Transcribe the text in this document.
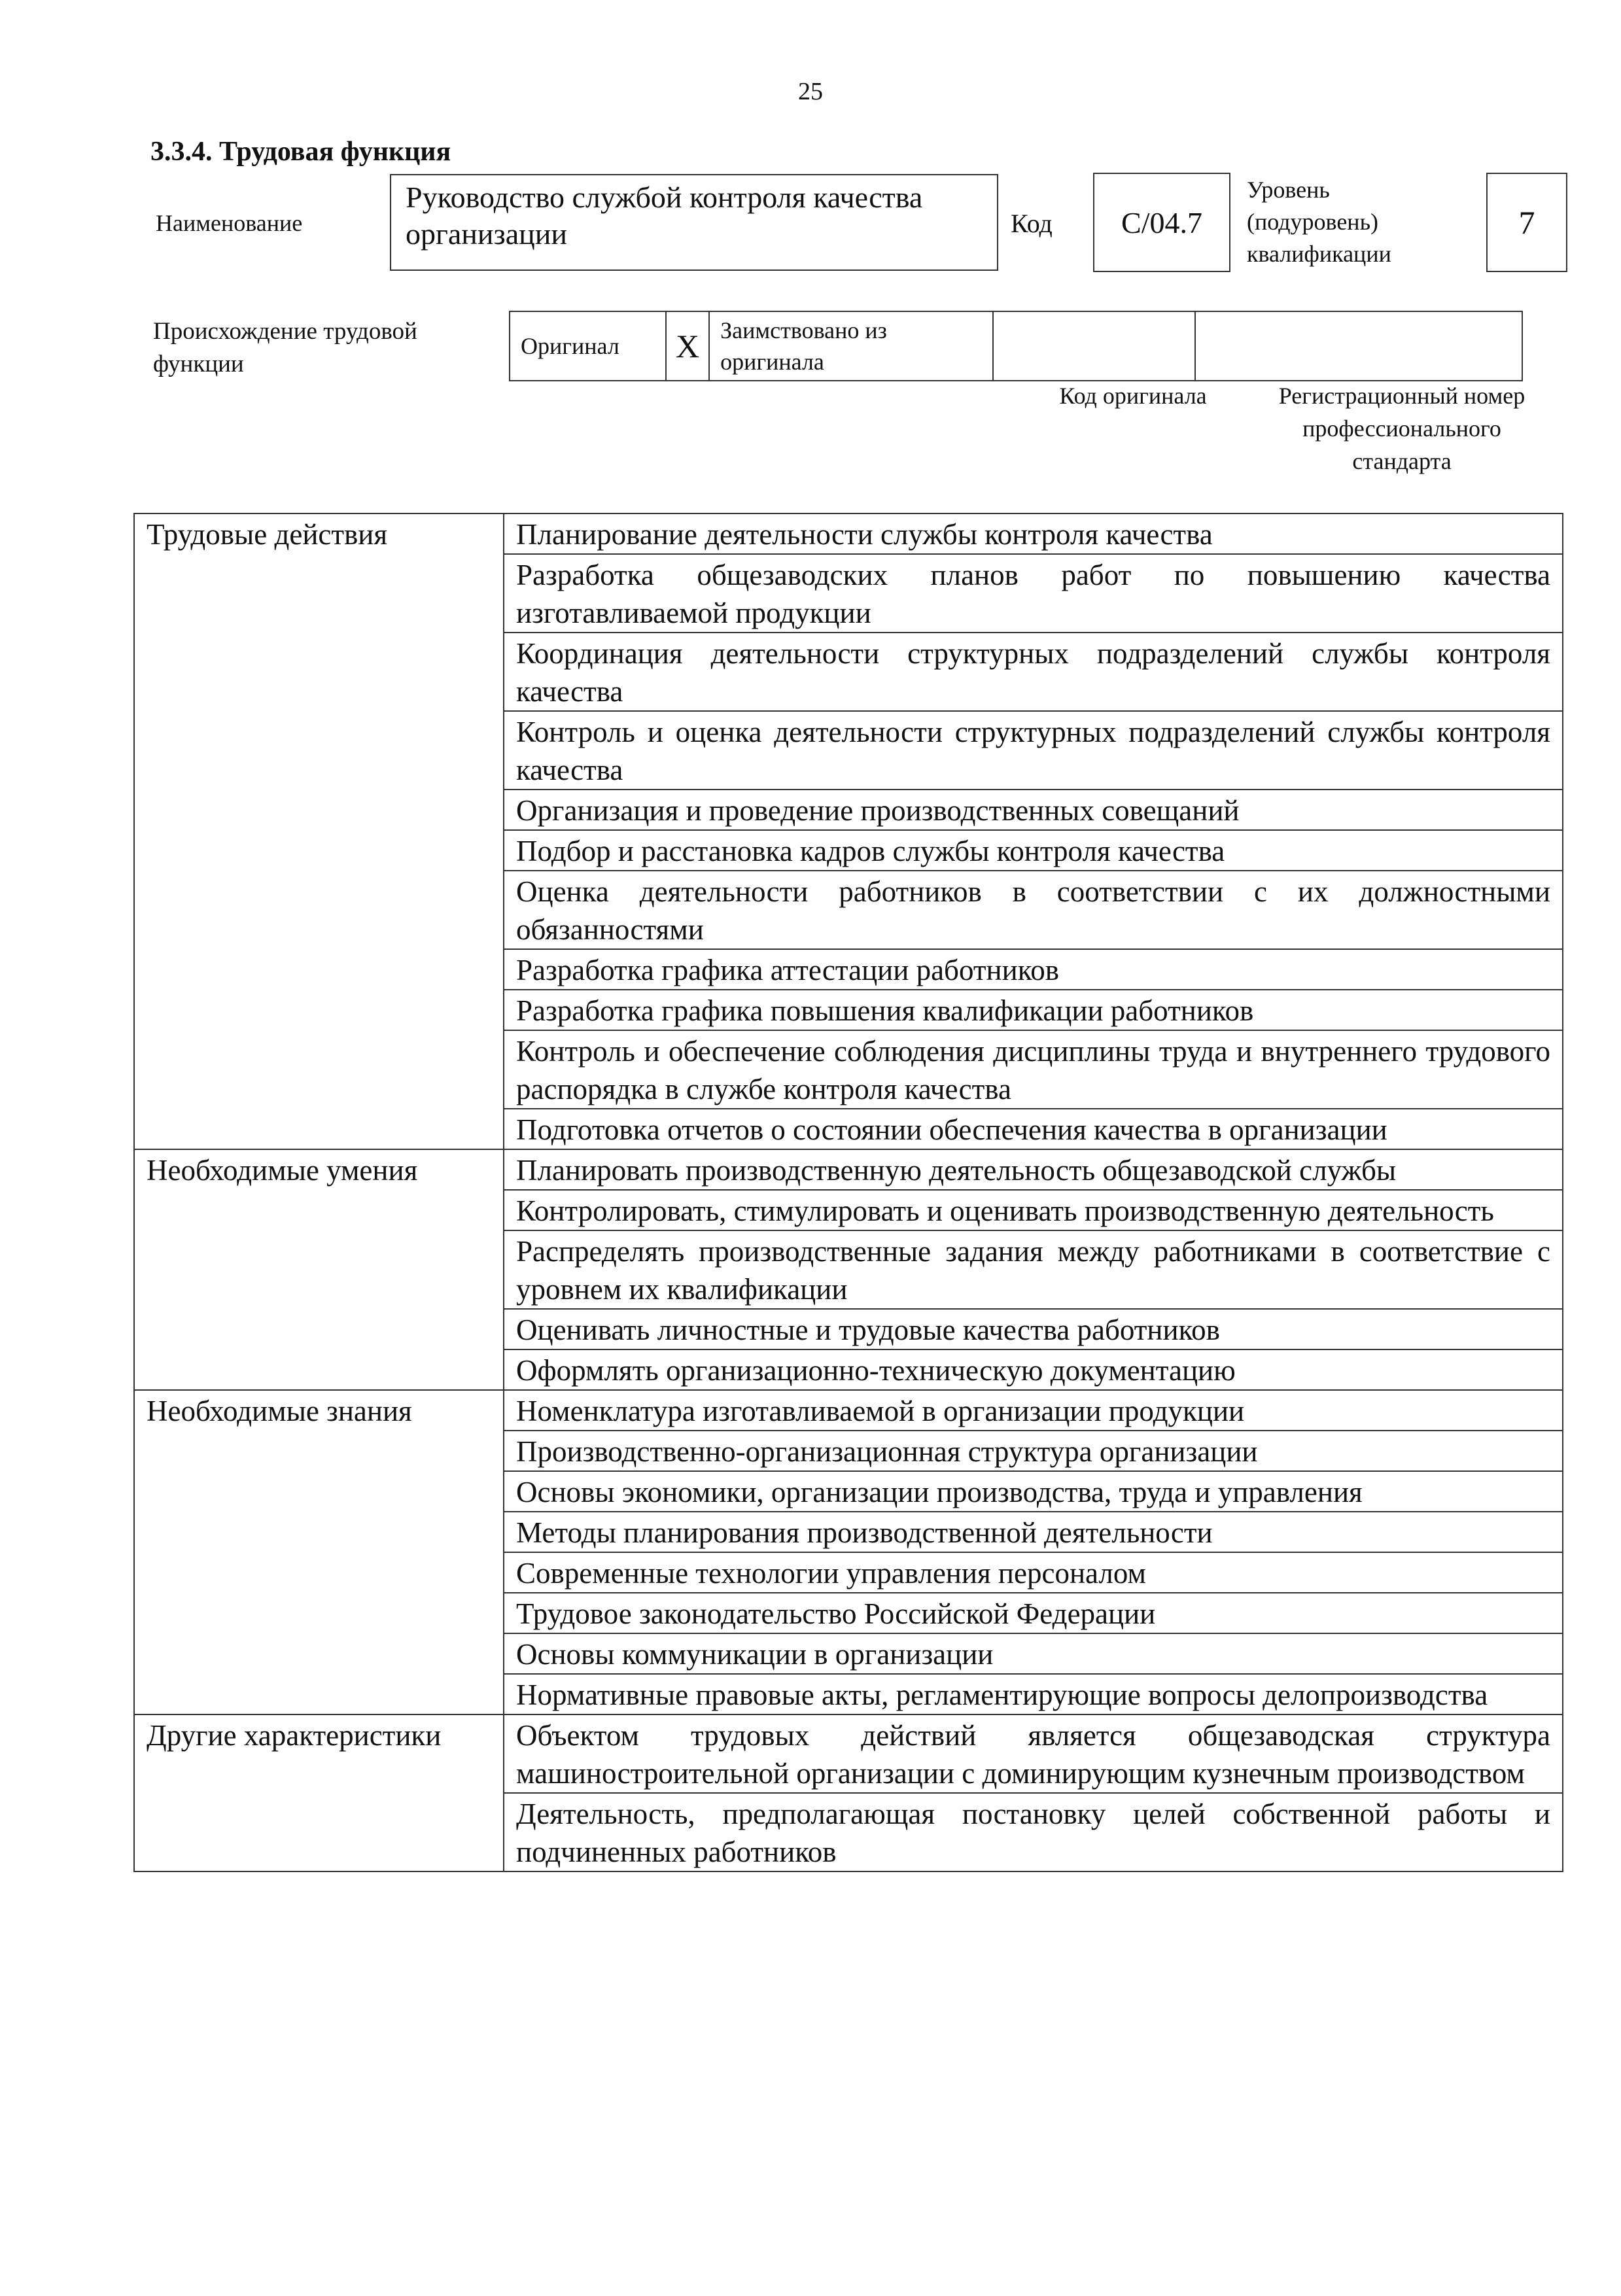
25
3.3.4. Трудовая функция
Наименование
Руководство службой контроля качества организации	Код	C/04.7
Уровень
(подуровень)
квалификации
7
Происхождение трудовой
функции
Оригинал	X	Заимствовано из
оригинала

Код оригинала	Регистрационный номер
профессионального
стандарта
Трудовые действия	Планирование деятельности службы контроля качества
	Разработка общезаводских планов работ по повышению качества изготавливаемой продукции
	Координация деятельности структурных подразделений службы контроля качества
	Контроль и оценка деятельности структурных подразделений службы контроля качества
	Организация и проведение производственных совещаний
	Подбор и расстановка кадров службы контроля качества
	Оценка деятельности работников в соответствии с их должностными обязанностями
	Разработка графика аттестации работников
	Разработка графика повышения квалификации работников
	Контроль и обеспечение соблюдения дисциплины труда и внутреннего трудового распорядка в службе контроля качества
	Подготовка отчетов о состоянии обеспечения качества в организации
Необходимые умения	Планировать производственную деятельность общезаводской службы
	Контролировать, стимулировать и оценивать производственную деятельность
	Распределять производственные задания между работниками в соответствие с уровнем их квалификации
	Оценивать личностные и трудовые качества работников
	Оформлять организационно-техническую документацию
Необходимые знания	Номенклатура изготавливаемой в организации продукции
	Производственно-организационная структура организации
	Основы экономики, организации производства, труда и управления
	Методы планирования производственной деятельности
	Современные технологии управления персоналом
	Трудовое законодательство Российской Федерации
	Основы коммуникации в организации
	Нормативные правовые акты, регламентирующие вопросы делопроизводства
Другие характеристики	Объектом трудовых действий является общезаводская структура машиностроительной организации с доминирующим кузнечным производством
	Деятельность, предполагающая постановку целей собственной работы и подчиненных работников
